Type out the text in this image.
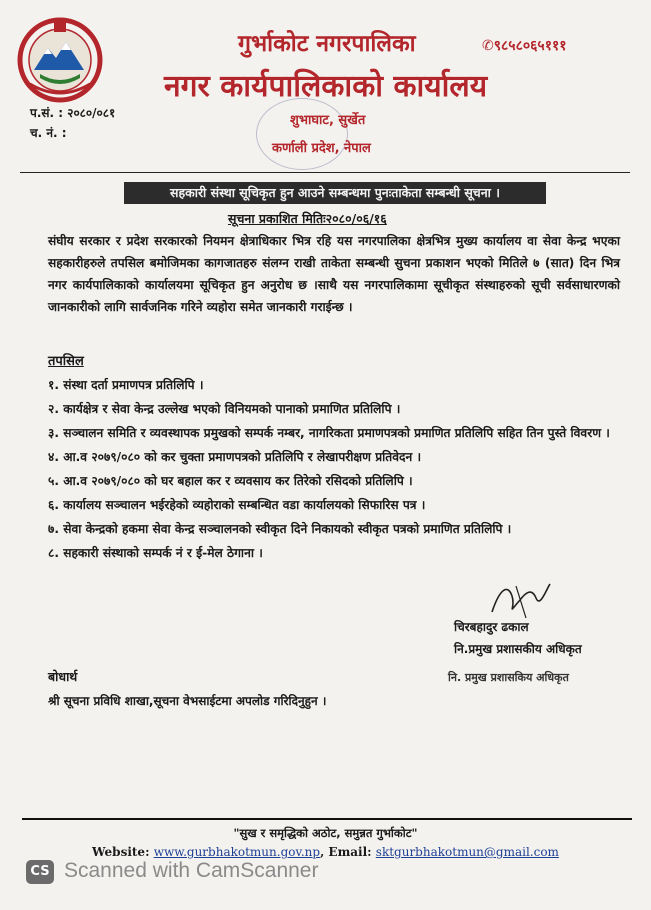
गुर्भाकोट नगरपालिका	✆९८५८०६५१११
नगर कार्यपालिकाको कार्यालय
प.सं. : २०८०/०८१
च. नं. :
शुभाघाट, सुर्खेत
कर्णाली प्रदेश, नेपाल
सहकारी संस्था सूचिकृत हुन आउने सम्बन्धमा पुनःताकेता सम्बन्धी सूचना ।
सूचना प्रकाशित मितिः२०८०/०६/१६
संघीय सरकार र प्रदेश सरकारको नियमन क्षेत्राधिकार भित्र रहि यस नगरपालिका क्षेत्रभित्र मुख्य कार्यालय वा सेवा केन्द्र भएका सहकारीहरुले तपसिल बमोजिमका कागजातहरु संलग्न राखी ताकेता सम्बन्धी सुचना प्रकाशन भएको मितिले ७ (सात) दिन भित्र नगर कार्यपालिकाको कार्यालयमा सूचिकृत हुन अनुरोध छ ।साथै यस नगरपालिकामा सूचीकृत संस्थाहरुको सूची सर्वसाधारणको जानकारीको लागि सार्वजनिक गरिने व्यहोरा समेत जानकारी गराईन्छ ।
तपसिल
१. संस्था दर्ता प्रमाणपत्र प्रतिलिपि ।
२. कार्यक्षेत्र र सेवा केन्द्र उल्लेख भएको विनियमको पानाको प्रमाणित प्रतिलिपि ।
३. सञ्चालन समिति र व्यवस्थापक प्रमुखको सम्पर्क नम्बर, नागरिकता प्रमाणपत्रको प्रमाणित प्रतिलिपि सहित तिन पुस्ते विवरण ।
४. आ.व २०७९/०८० को कर चुक्ता प्रमाणपत्रको प्रतिलिपि र लेखापरीक्षण प्रतिवेदन ।
५. आ.व २०७९/०८० को घर बहाल कर र व्यवसाय कर तिरेको रसिदको प्रतिलिपि ।
६. कार्यालय सञ्चालन भईरहेको व्यहोराको सम्बन्धित वडा कार्यालयको सिफारिस पत्र ।
७. सेवा केन्द्रको हकमा सेवा केन्द्र सञ्चालनको स्वीकृत दिने निकायको स्वीकृत पत्रको प्रमाणित प्रतिलिपि ।
८. सहकारी संस्थाको सम्पर्क नं र ई-मेल ठेगाना ।
चिरबहादुर ढकाल
नि.प्रमुख प्रशासकीय अधिकृत
नि. प्रमुख प्रशासकिय अधिकृत
बोधार्थ
श्री सूचना प्रविधि शाखा,सूचना वेभसाईटमा अपलोड गरिदिनुहुन ।
"सुख र समृद्धिको अठोट, समुन्नत गुर्भाकोट"
Website: www.gurbhakotmun.gov.np, Email: sktgurbhakotmun@gmail.com
CS Scanned with CamScanner
